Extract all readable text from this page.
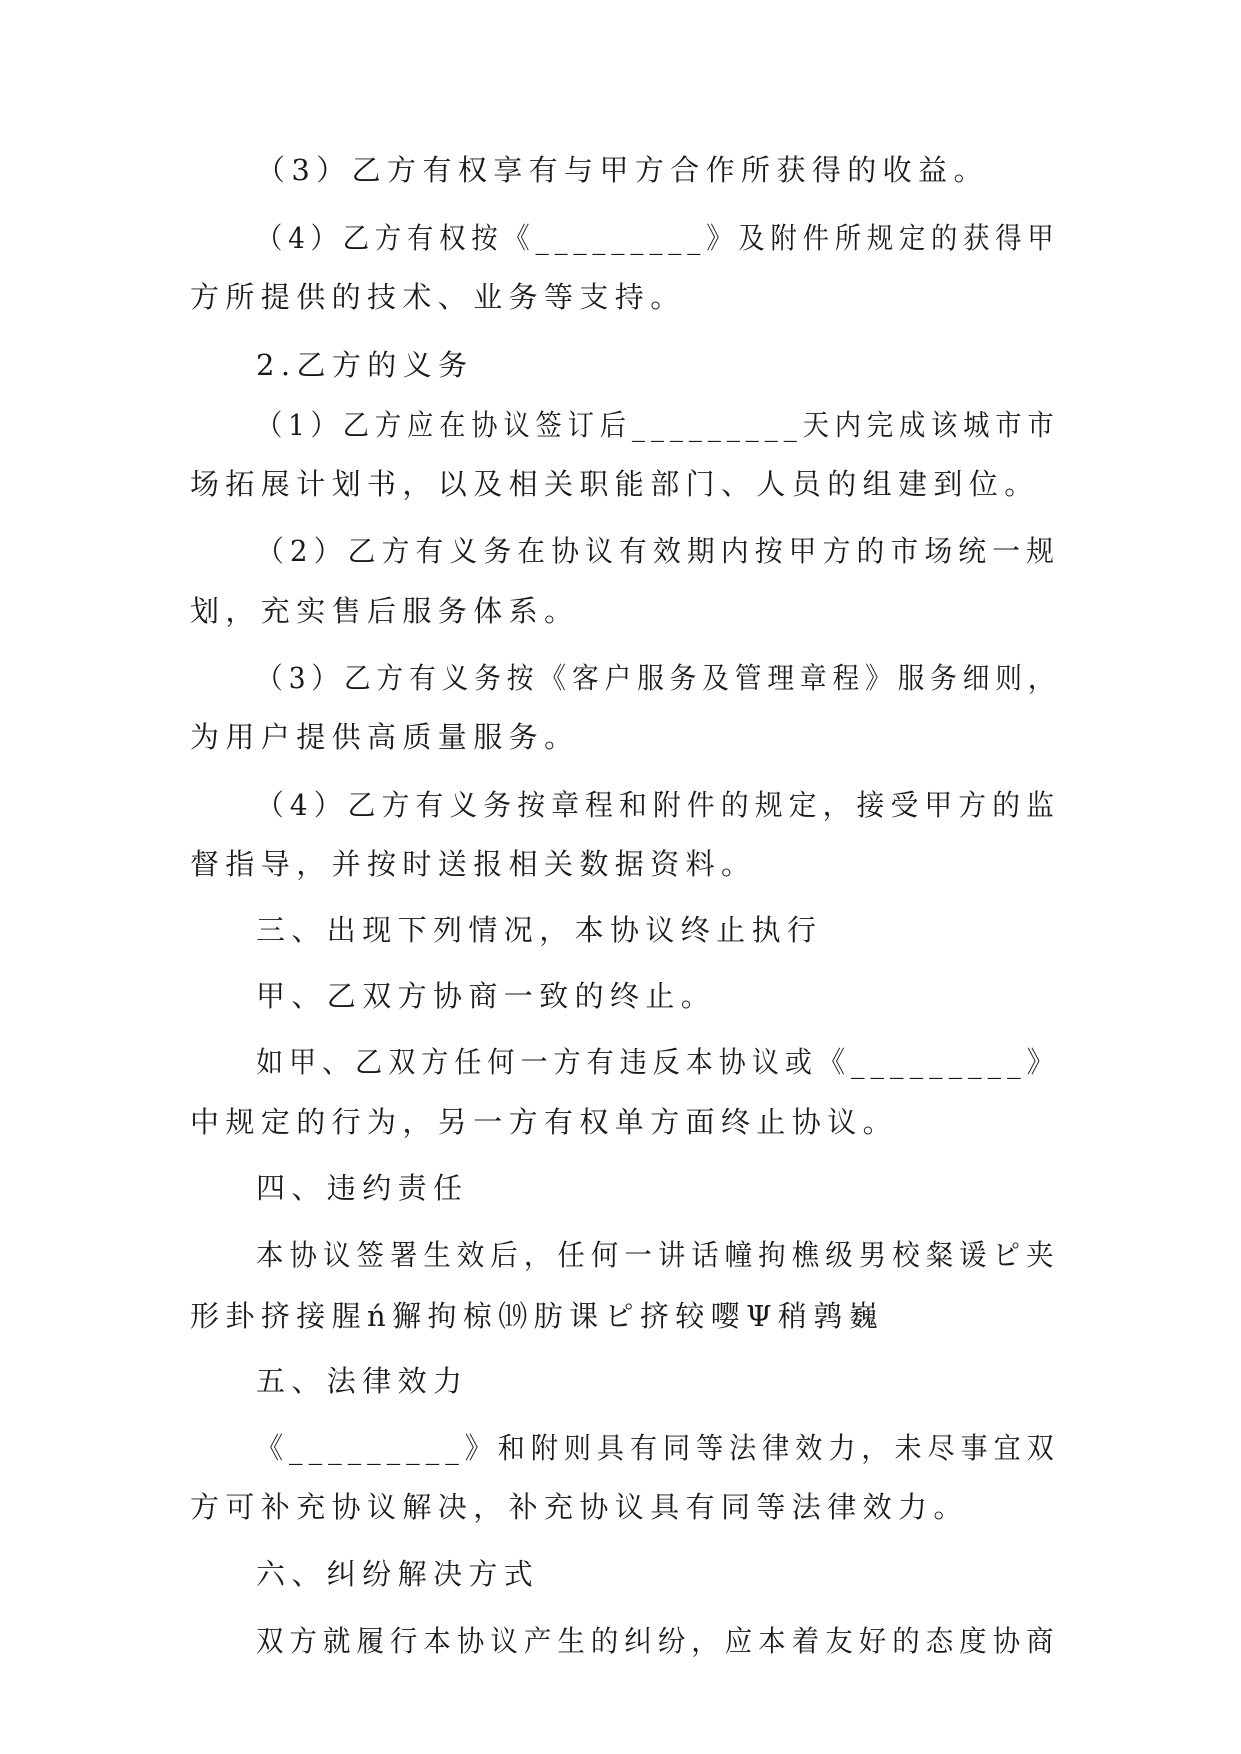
（3）乙方有权享有与甲方合作所获得的收益。

（4）乙方有权按《_________》及附件所规定的获得甲

方所提供的技术、业务等支持。

2.乙方的义务

（1）乙方应在协议签订后_________天内完成该城市市

场拓展计划书，以及相关职能部门、人员的组建到位。

（2）乙方有义务在协议有效期内按甲方的市场统一规

划，充实售后服务体系。

（3）乙方有义务按《客户服务及管理章程》服务细则，

为用户提供高质量服务。

（4）乙方有义务按章程和附件的规定，接受甲方的监

督指导，并按时送报相关数据资料。

三、出现下列情况，本协议终止执行

甲、乙双方协商一致的终止。

如甲、乙双方任何一方有违反本协议或《_________》

中规定的行为，另一方有权单方面终止协议。

四、违约责任

本协议签署生效后，任何一讲话幢拘樵级男校粲谖ピ夹

形卦挤接腥ń獬拘椋⒆肪课ピ挤较嘤Ψ稍鹑巍

五、法律效力

《_________》和附则具有同等法律效力，未尽事宜双

方可补充协议解决，补充协议具有同等法律效力。

六、纠纷解决方式

双方就履行本协议产生的纠纷，应本着友好的态度协商
